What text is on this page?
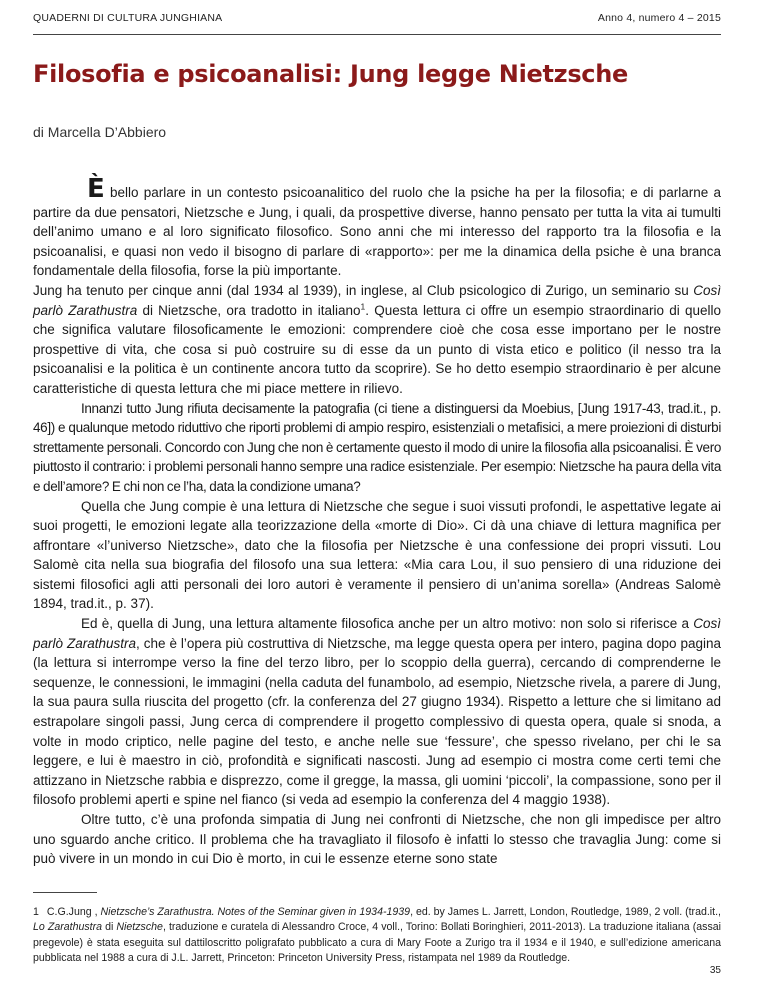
QUADERNI DI CULTURA JUNGHIANA	Anno 4, numero 4 – 2015
Filosofia e psicoanalisi: Jung legge Nietzsche

di Marcella D’Abbiero

È bello parlare in un contesto psicoanalitico del ruolo che la psiche ha per la filosofia; e di parlarne a partire da due pensatori, Nietzsche e Jung, i quali, da prospettive diverse, hanno pensato per tutta la vita ai tumulti dell’animo umano e al loro significato filosofico. Sono anni che mi interesso del rapporto tra la filosofia e la psicoanalisi, e quasi non vedo il bisogno di parlare di «rapporto»: per me la dinamica della psiche è una branca fondamentale della filosofia, forse la più importante.

Jung ha tenuto per cinque anni (dal 1934 al 1939), in inglese, al Club psicologico di Zurigo, un seminario su Così parlò Zarathustra di Nietzsche, ora tradotto in italiano$^1$. Questa lettura ci offre un esempio straordinario di quello che significa valutare filosoficamente le emozioni: comprendere cioè che cosa esse importano per le nostre prospettive di vita, che cosa si può costruire su di esse da un punto di vista etico e politico (il nesso tra la psicoanalisi e la politica è un continente ancora tutto da scoprire). Se ho detto esempio straordinario è per alcune caratteristiche di questa lettura che mi piace mettere in rilievo.

Innanzi tutto Jung rifiuta decisamente la patografia (ci tiene a distinguersi da Moebius, [Jung 1917-43, trad.it., p. 46]) e qualunque metodo riduttivo che riporti problemi di ampio respiro, esistenziali o metafisici, a mere proiezioni di disturbi strettamente personali. Concordo con Jung che non è certamente questo il modo di unire la filosofia alla psicoanalisi. È vero piuttosto il contrario: i problemi personali hanno sempre una radice esistenziale. Per esempio: Nietzsche ha paura della vita e dell’amore? E chi non ce l’ha, data la condizione umana?

Quella che Jung compie è una lettura di Nietzsche che segue i suoi vissuti profondi, le aspettative legate ai suoi progetti, le emozioni legate alla teorizzazione della «morte di Dio». Ci dà una chiave di lettura magnifica per affrontare «l’universo Nietzsche», dato che la filosofia per Nietzsche è una confessione dei propri vissuti. Lou Salomè cita nella sua biografia del filosofo una sua lettera: «Mia cara Lou, il suo pensiero di una riduzione dei sistemi filosofici agli atti personali dei loro autori è veramente il pensiero di un’anima sorella» (Andreas Salomè 1894, trad.it., p. 37).

Ed è, quella di Jung, una lettura altamente filosofica anche per un altro motivo: non solo si riferisce a Così parlò Zarathustra, che è l’opera più costruttiva di Nietzsche, ma legge questa opera per intero, pagina dopo pagina (la lettura si interrompe verso la fine del terzo libro, per lo scoppio della guerra), cercando di comprenderne le sequenze, le connessioni, le immagini (nella caduta del funambolo, ad esempio, Nietzsche rivela, a parere di Jung, la sua paura sulla riuscita del progetto (cfr. la conferenza del 27 giugno 1934). Rispetto a letture che si limitano ad estrapolare singoli passi, Jung cerca di comprendere il progetto complessivo di questa opera, quale si snoda, a volte in modo criptico, nelle pagine del testo, e anche nelle sue ‘fessure’, che spesso rivelano, per chi le sa leggere, e lui è maestro in ciò, profondità e significati nascosti. Jung ad esempio ci mostra come certi temi che attizzano in Nietzsche rabbia e disprezzo, come il gregge, la massa, gli uomini ‘piccoli’, la compassione, sono per il filosofo problemi aperti e spine nel fianco (si veda ad esempio la conferenza del 4 maggio 1938).

Oltre tutto, c’è una profonda simpatia di Jung nei confronti di Nietzsche, che non gli impedisce per altro uno sguardo anche critico. Il problema che ha travagliato il filosofo è infatti lo stesso che travaglia Jung: come si può vivere in un mondo in cui Dio è morto, in cui le essenze eterne sono state

1 C.G.Jung , Nietzsche’s Zarathustra. Notes of the Seminar given in 1934-1939, ed. by James L. Jarrett, London, Routledge, 1989, 2 voll. (trad.it., Lo Zarathustra di Nietzsche, traduzione e curatela di Alessandro Croce, 4 voll., Torino: Bollati Boringhieri, 2011-2013). La traduzione italiana (assai pregevole) è stata eseguita sul dattiloscritto poligrafato pubblicato a cura di Mary Foote a Zurigo tra il 1934 e il 1940, e sull’edizione americana pubblicata nel 1988 a cura di J.L. Jarrett, Princeton: Princeton University Press, ristampata nel 1989 da Routledge.

35
